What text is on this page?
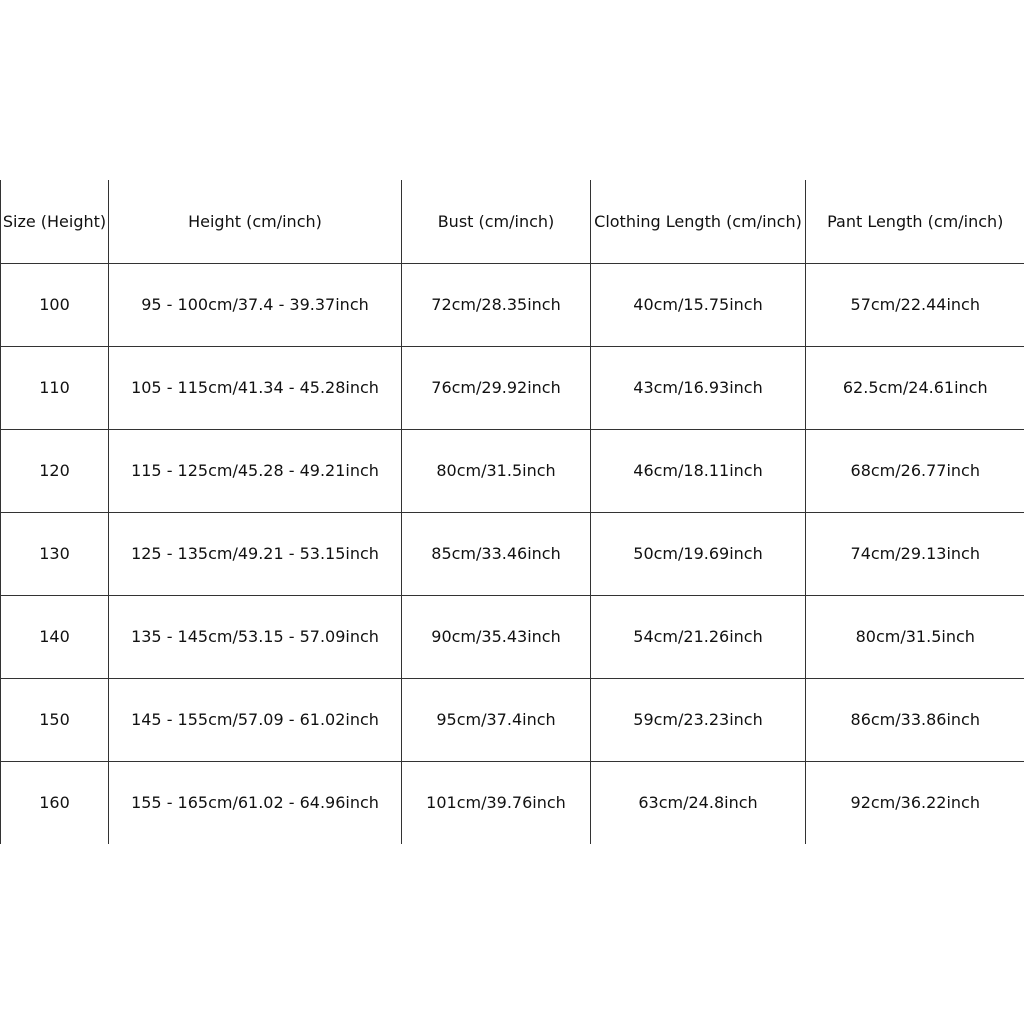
Size (Height)	Height (cm/inch)	Bust (cm/inch)	Clothing Length (cm/inch)	Pant Length (cm/inch)
100	95 - 100cm/37.4 - 39.37inch	72cm/28.35inch	40cm/15.75inch	57cm/22.44inch
110	105 - 115cm/41.34 - 45.28inch	76cm/29.92inch	43cm/16.93inch	62.5cm/24.61inch
120	115 - 125cm/45.28 - 49.21inch	80cm/31.5inch	46cm/18.11inch	68cm/26.77inch
130	125 - 135cm/49.21 - 53.15inch	85cm/33.46inch	50cm/19.69inch	74cm/29.13inch
140	135 - 145cm/53.15 - 57.09inch	90cm/35.43inch	54cm/21.26inch	80cm/31.5inch
150	145 - 155cm/57.09 - 61.02inch	95cm/37.4inch	59cm/23.23inch	86cm/33.86inch
160	155 - 165cm/61.02 - 64.96inch	101cm/39.76inch	63cm/24.8inch	92cm/36.22inch
